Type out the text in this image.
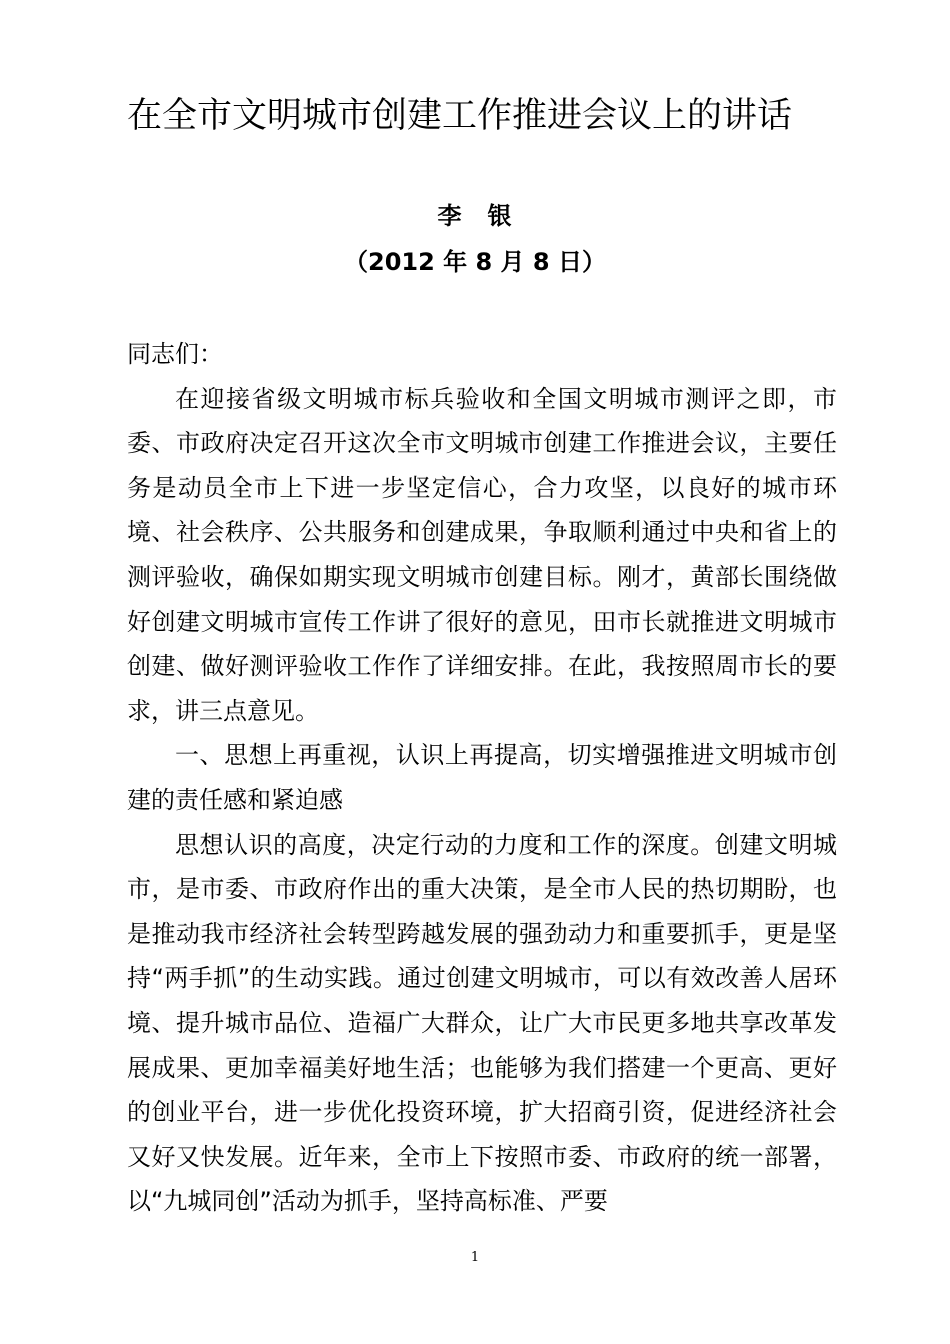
在全市文明城市创建工作推进会议上的讲话
李　银
（2012 年 8 月 8 日）

同志们：

在迎接省级文明城市标兵验收和全国文明城市测评之即，市委、市政府决定召开这次全市文明城市创建工作推进会议，主要任务是动员全市上下进一步坚定信心，合力攻坚，以良好的城市环境、社会秩序、公共服务和创建成果，争取顺利通过中央和省上的测评验收，确保如期实现文明城市创建目标。刚才，黄部长围绕做好创建文明城市宣传工作讲了很好的意见，田市长就推进文明城市创建、做好测评验收工作作了详细安排。在此，我按照周市长的要求，讲三点意见。

一、思想上再重视，认识上再提高，切实增强推进文明城市创建的责任感和紧迫感

思想认识的高度，决定行动的力度和工作的深度。创建文明城市，是市委、市政府作出的重大决策，是全市人民的热切期盼，也是推动我市经济社会转型跨越发展的强劲动力和重要抓手，更是坚持“两手抓”的生动实践。通过创建文明城市，可以有效改善人居环境、提升城市品位、造福广大群众，让广大市民更多地共享改革发展成果、更加幸福美好地生活；也能够为我们搭建一个更高、更好的创业平台，进一步优化投资环境，扩大招商引资，促进经济社会又好又快发展。近年来，全市上下按照市委、市政府的统一部署，以“九城同创”活动为抓手，坚持高标准、严要

1
